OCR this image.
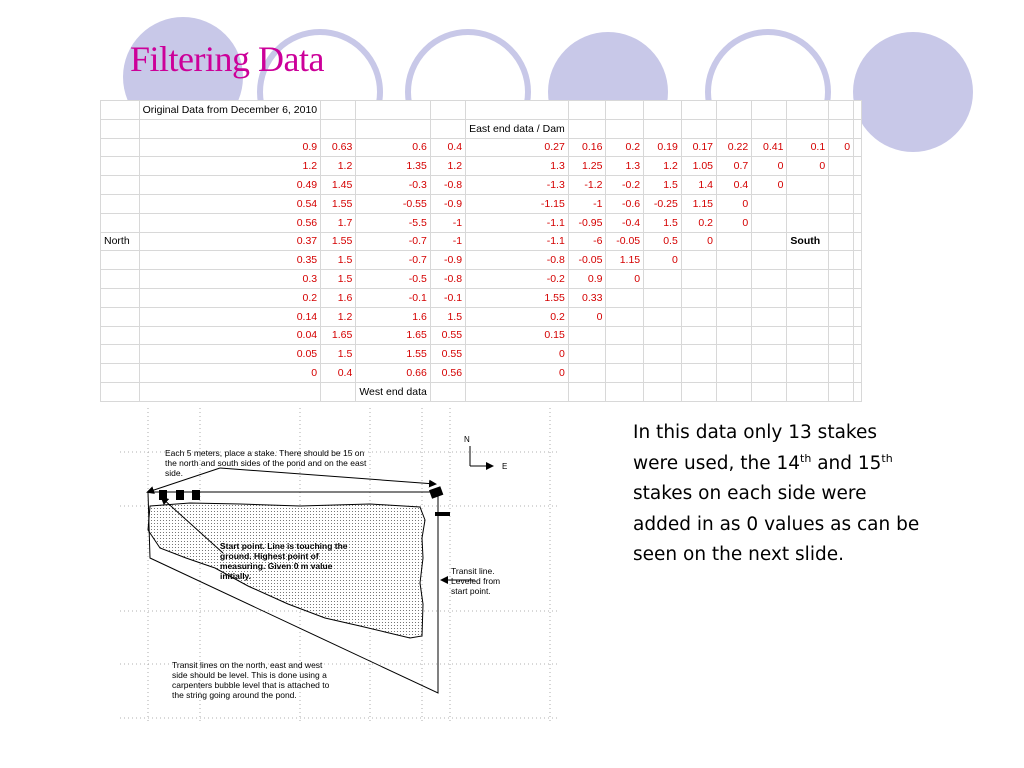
Filtering Data
	Original Data from December 6, 2010													
					East end data / Dam									
	0.9	0.63	0.6	0.4	0.27	0.16	0.2	0.19	0.17	0.22	0.41	0.1	0	
	1.2	1.2	1.35	1.2	1.3	1.25	1.3	1.2	1.05	0.7	0	0		
	0.49	1.45	-0.3	-0.8	-1.3	-1.2	-0.2	1.5	1.4	0.4	0			
	0.54	1.55	-0.55	-0.9	-1.15	-1	-0.6	-0.25	1.15	0				
	0.56	1.7	-5.5	-1	-1.1	-0.95	-0.4	1.5	0.2	0				
North	0.37	1.55	-0.7	-1	-1.1	-6	-0.05	0.5	0			South		
	0.35	1.5	-0.7	-0.9	-0.8	-0.05	1.15	0						
	0.3	1.5	-0.5	-0.8	-0.2	0.9	0							
	0.2	1.6	-0.1	-0.1	1.55	0.33								
	0.14	1.2	1.6	1.5	0.2	0								
	0.04	1.65	1.65	0.55	0.15									
	0.05	1.5	1.55	0.55	0									
	0	0.4	0.66	0.56	0									
			West end data											
N
E
Each 5 meters, place a stake. There should be 15 on the north and south sides of the pond and on the east side.
Start point. Line is touching the ground. Highest point of measuring. Given 0 m value initially.	Transit line. Leveled from start point.
Transit lines on the north, east and west side should be level. This is done using a carpenters bubble level that is attached to the string going around the pond.

In this data only 13 stakes were used, the 14th and 15th stakes on each side were added in as 0 values as can be seen on the next slide.
